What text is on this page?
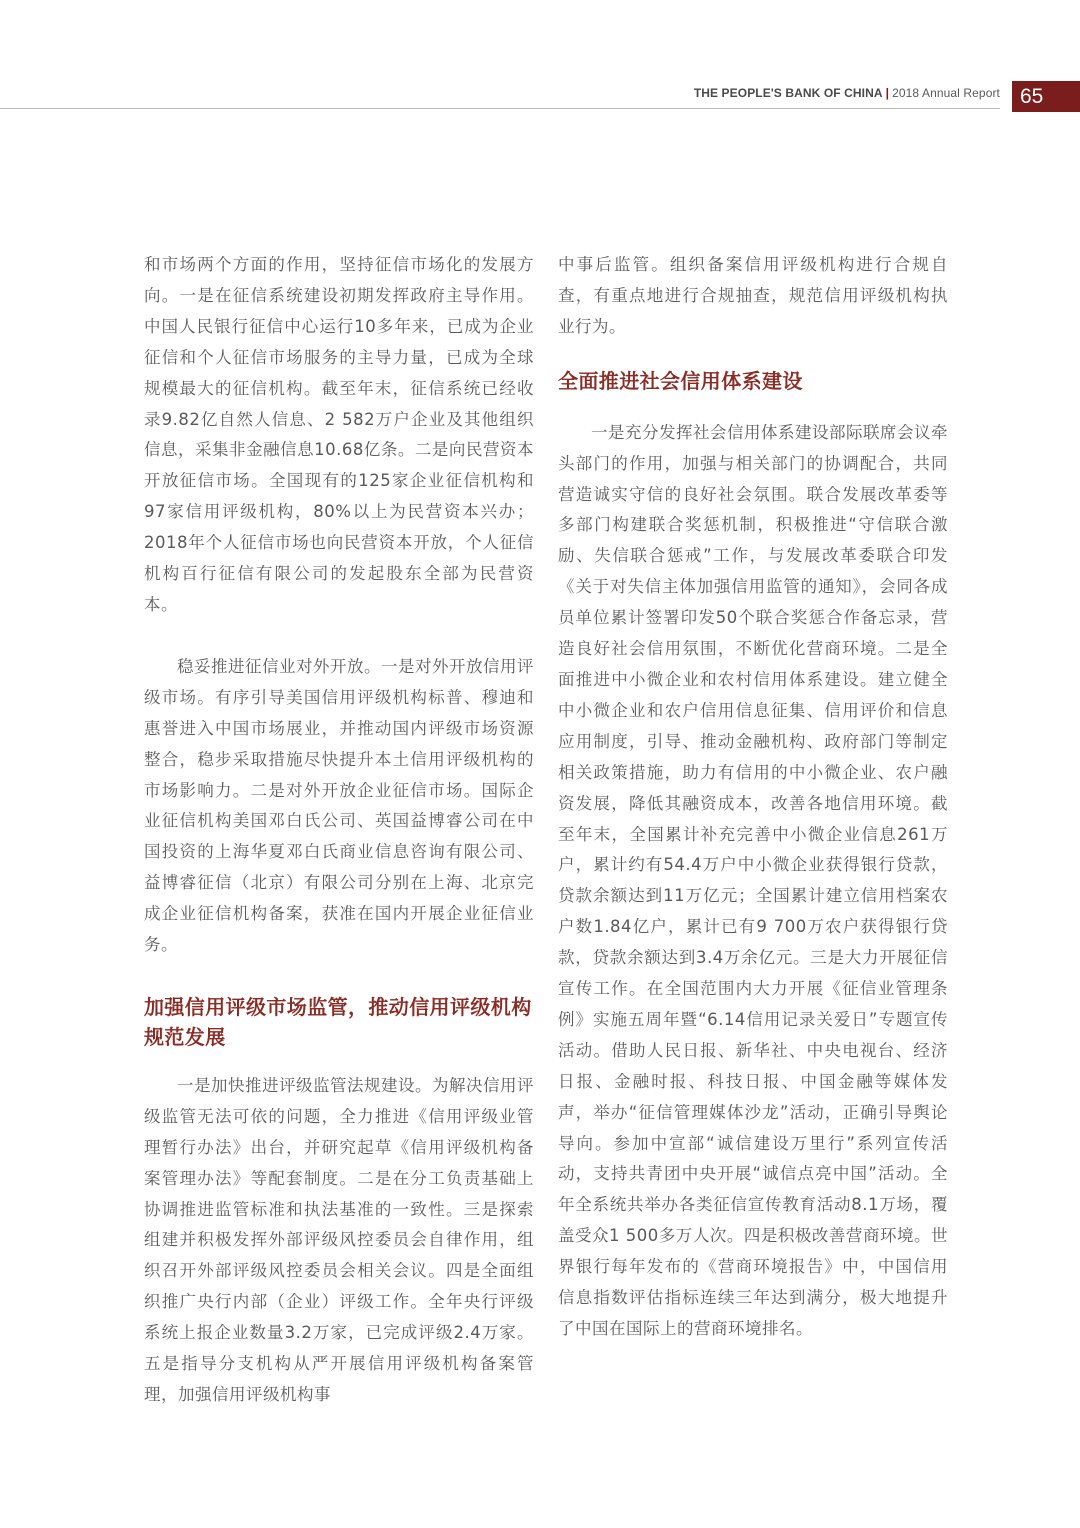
THE PEOPLE'S BANK OF CHINA | 2018 Annual Report 65

和市场两个方面的作用，坚持征信市场化的发展方向。一是在征信系统建设初期发挥政府主导作用。中国人民银行征信中心运行10多年来，已成为企业征信和个人征信市场服务的主导力量，已成为全球规模最大的征信机构。截至年末，征信系统已经收录9.82亿自然人信息、2 582万户企业及其他组织信息，采集非金融信息10.68亿条。二是向民营资本开放征信市场。全国现有的125家企业征信机构和97家信用评级机构，80%以上为民营资本兴办；2018年个人征信市场也向民营资本开放，个人征信机构百行征信有限公司的发起股东全部为民营资本。

稳妥推进征信业对外开放。一是对外开放信用评级市场。有序引导美国信用评级机构标普、穆迪和惠誉进入中国市场展业，并推动国内评级市场资源整合，稳步采取措施尽快提升本土信用评级机构的市场影响力。二是对外开放企业征信市场。国际企业征信机构美国邓白氏公司、英国益博睿公司在中国投资的上海华夏邓白氏商业信息咨询有限公司、益博睿征信（北京）有限公司分别在上海、北京完成企业征信机构备案，获准在国内开展企业征信业务。

加强信用评级市场监管，推动信用评级机构规范发展

一是加快推进评级监管法规建设。为解决信用评级监管无法可依的问题，全力推进《信用评级业管理暂行办法》出台，并研究起草《信用评级机构备案管理办法》等配套制度。二是在分工负责基础上协调推进监管标准和执法基准的一致性。三是探索组建并积极发挥外部评级风控委员会自律作用，组织召开外部评级风控委员会相关会议。四是全面组织推广央行内部（企业）评级工作。全年央行评级系统上报企业数量3.2万家，已完成评级2.4万家。五是指导分支机构从严开展信用评级机构备案管理，加强信用评级机构事

中事后监管。组织备案信用评级机构进行合规自查，有重点地进行合规抽查，规范信用评级机构执业行为。

全面推进社会信用体系建设

一是充分发挥社会信用体系建设部际联席会议牵头部门的作用，加强与相关部门的协调配合，共同营造诚实守信的良好社会氛围。联合发展改革委等多部门构建联合奖惩机制，积极推进“守信联合激励、失信联合惩戒”工作，与发展改革委联合印发《关于对失信主体加强信用监管的通知》，会同各成员单位累计签署印发50个联合奖惩合作备忘录，营造良好社会信用氛围，不断优化营商环境。二是全面推进中小微企业和农村信用体系建设。建立健全中小微企业和农户信用信息征集、信用评价和信息应用制度，引导、推动金融机构、政府部门等制定相关政策措施，助力有信用的中小微企业、农户融资发展，降低其融资成本，改善各地信用环境。截至年末，全国累计补充完善中小微企业信息261万户，累计约有54.4万户中小微企业获得银行贷款，贷款余额达到11万亿元；全国累计建立信用档案农户数1.84亿户，累计已有9 700万农户获得银行贷款，贷款余额达到3.4万余亿元。三是大力开展征信宣传工作。在全国范围内大力开展《征信业管理条例》实施五周年暨“6.14信用记录关爱日”专题宣传活动。借助人民日报、新华社、中央电视台、经济日报、金融时报、科技日报、中国金融等媒体发声，举办“征信管理媒体沙龙”活动，正确引导舆论导向。参加中宣部“诚信建设万里行”系列宣传活动，支持共青团中央开展“诚信点亮中国”活动。全年全系统共举办各类征信宣传教育活动8.1万场，覆盖受众1 500多万人次。四是积极改善营商环境。世界银行每年发布的《营商环境报告》中，中国信用信息指数评估指标连续三年达到满分，极大地提升了中国在国际上的营商环境排名。
